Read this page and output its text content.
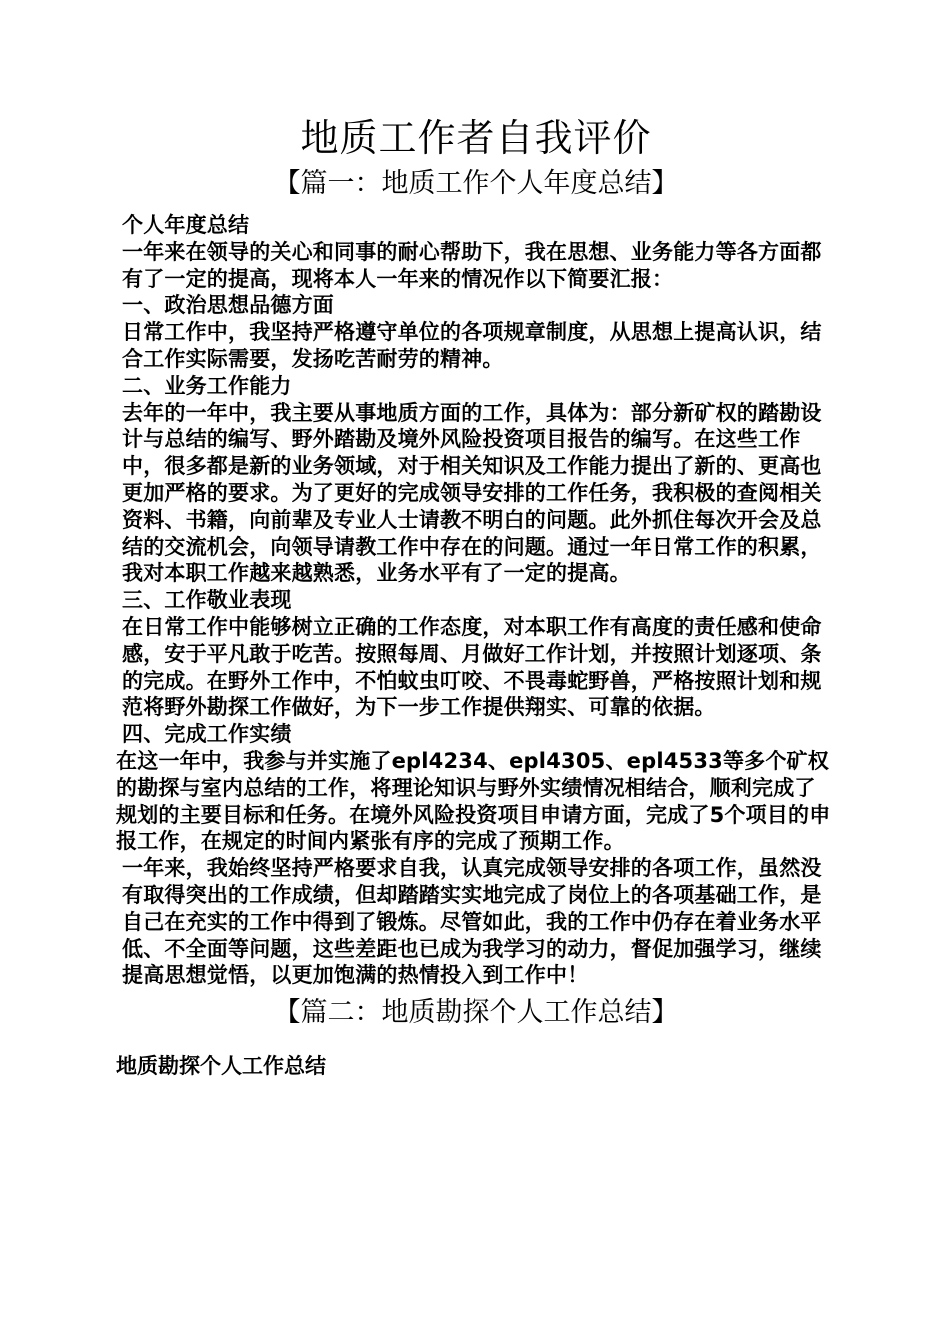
地质工作者自我评价
【篇一：地质工作个人年度总结】

个人年度总结

一年来在领导的关心和同事的耐心帮助下，我在思想、业务能力等各方面都有了一定的提高，现将本人一年来的情况作以下简要汇报：

一、政治思想品德方面

日常工作中，我坚持严格遵守单位的各项规章制度，从思想上提高认识，结合工作实际需要，发扬吃苦耐劳的精神。

二、业务工作能力

去年的一年中，我主要从事地质方面的工作，具体为：部分新矿权的踏勘设计与总结的编写、野外踏勘及境外风险投资项目报告的编写。在这些工作中，很多都是新的业务领域，对于相关知识及工作能力提出了新的、更高也更加严格的要求。为了更好的完成领导安排的工作任务，我积极的查阅相关资料、书籍，向前辈及专业人士请教不明白的问题。此外抓住每次开会及总结的交流机会，向领导请教工作中存在的问题。通过一年日常工作的积累，我对本职工作越来越熟悉，业务水平有了一定的提高。

三、工作敬业表现

在日常工作中能够树立正确的工作态度，对本职工作有高度的责任感和使命感，安于平凡敢于吃苦。按照每周、月做好工作计划，并按照计划逐项、条的完成。在野外工作中，不怕蚊虫叮咬、不畏毒蛇野兽，严格按照计划和规范将野外勘探工作做好，为下一步工作提供翔实、可靠的依据。

四、完成工作实绩

在这一年中，我参与并实施了epl4234、epl4305、epl4533等多个矿权的勘探与室内总结的工作，将理论知识与野外实绩情况相结合，顺利完成了规划的主要目标和任务。在境外风险投资项目申请方面，完成了5个项目的申报工作，在规定的时间内紧张有序的完成了预期工作。

一年来，我始终坚持严格要求自我，认真完成领导安排的各项工作，虽然没有取得突出的工作成绩，但却踏踏实实地完成了岗位上的各项基础工作，是自己在充实的工作中得到了锻炼。尽管如此，我的工作中仍存在着业务水平低、不全面等问题，这些差距也已成为我学习的动力，督促加强学习，继续提高思想觉悟，以更加饱满的热情投入到工作中！

【篇二：地质勘探个人工作总结】

地质勘探个人工作总结
